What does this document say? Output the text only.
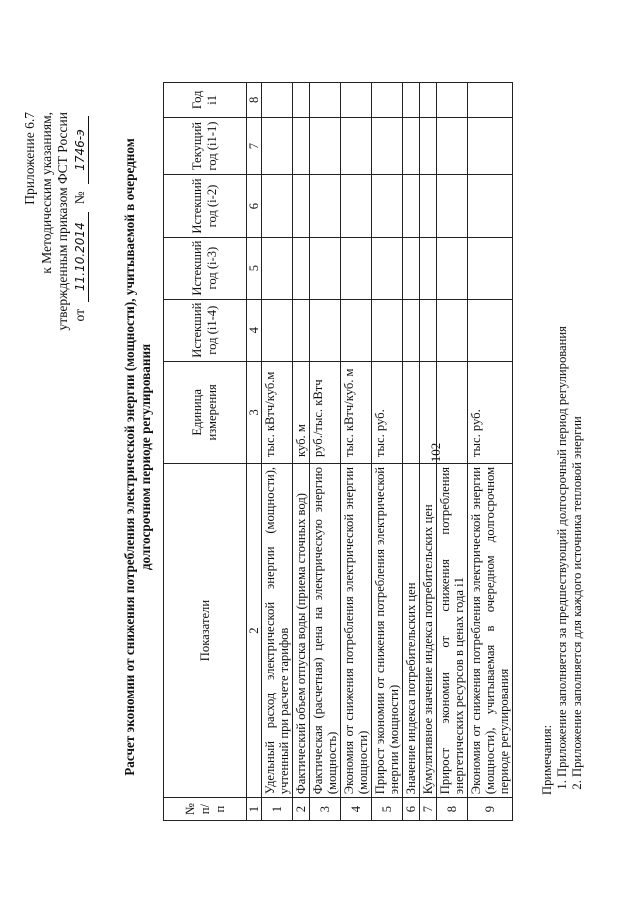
Приложение 6.7 к Методическим указаниям, утвержденным приказом ФСТ России от 11.10.2014 № 1746-э	Расчет экономии от снижения потребления электрической энергии (мощности), учитываемой в очередном долгосрочном периоде регулирования
№ п/п	Показатели	Единица измерения	Истекший год (i1-4)	Истекший год (i-3)	Истекший год (i-2)	Текущий год (i1-1)	Год i1
1	2	3	4	5	6	7	8
1	Удельный расход электрической энергии (мощности), учтенный при расчете тарифов	тыс. кВтч/куб.м					
2	Фактический объем отпуска воды (приема сточных вод)	куб. м					
3	Фактическая (расчетная) цена на электрическую энергию (мощность)	руб./тыс. кВтч					
4	Экономия от снижения потребления электрической энергии (мощности)	тыс. кВтч/куб. м					
5	Прирост экономии от снижения потребления электрической энергии (мощности)	тыс. руб.					
6	Значение индекса потребительских цен						
7	Кумулятивное значение индекса потребительских цен						
8	Прирост экономии от снижения потребления энергетических ресурсов в ценах года i1						
9	Экономия от снижения потребления электрической энергии (мощности), учитываемая в очередном долгосрочном периоде регулирования	тыс. руб.					
102
Примечания: 1. Приложение заполняется за предшествующий долгосрочный период регулирования 2. Приложение заполняется для каждого источника тепловой энергии
